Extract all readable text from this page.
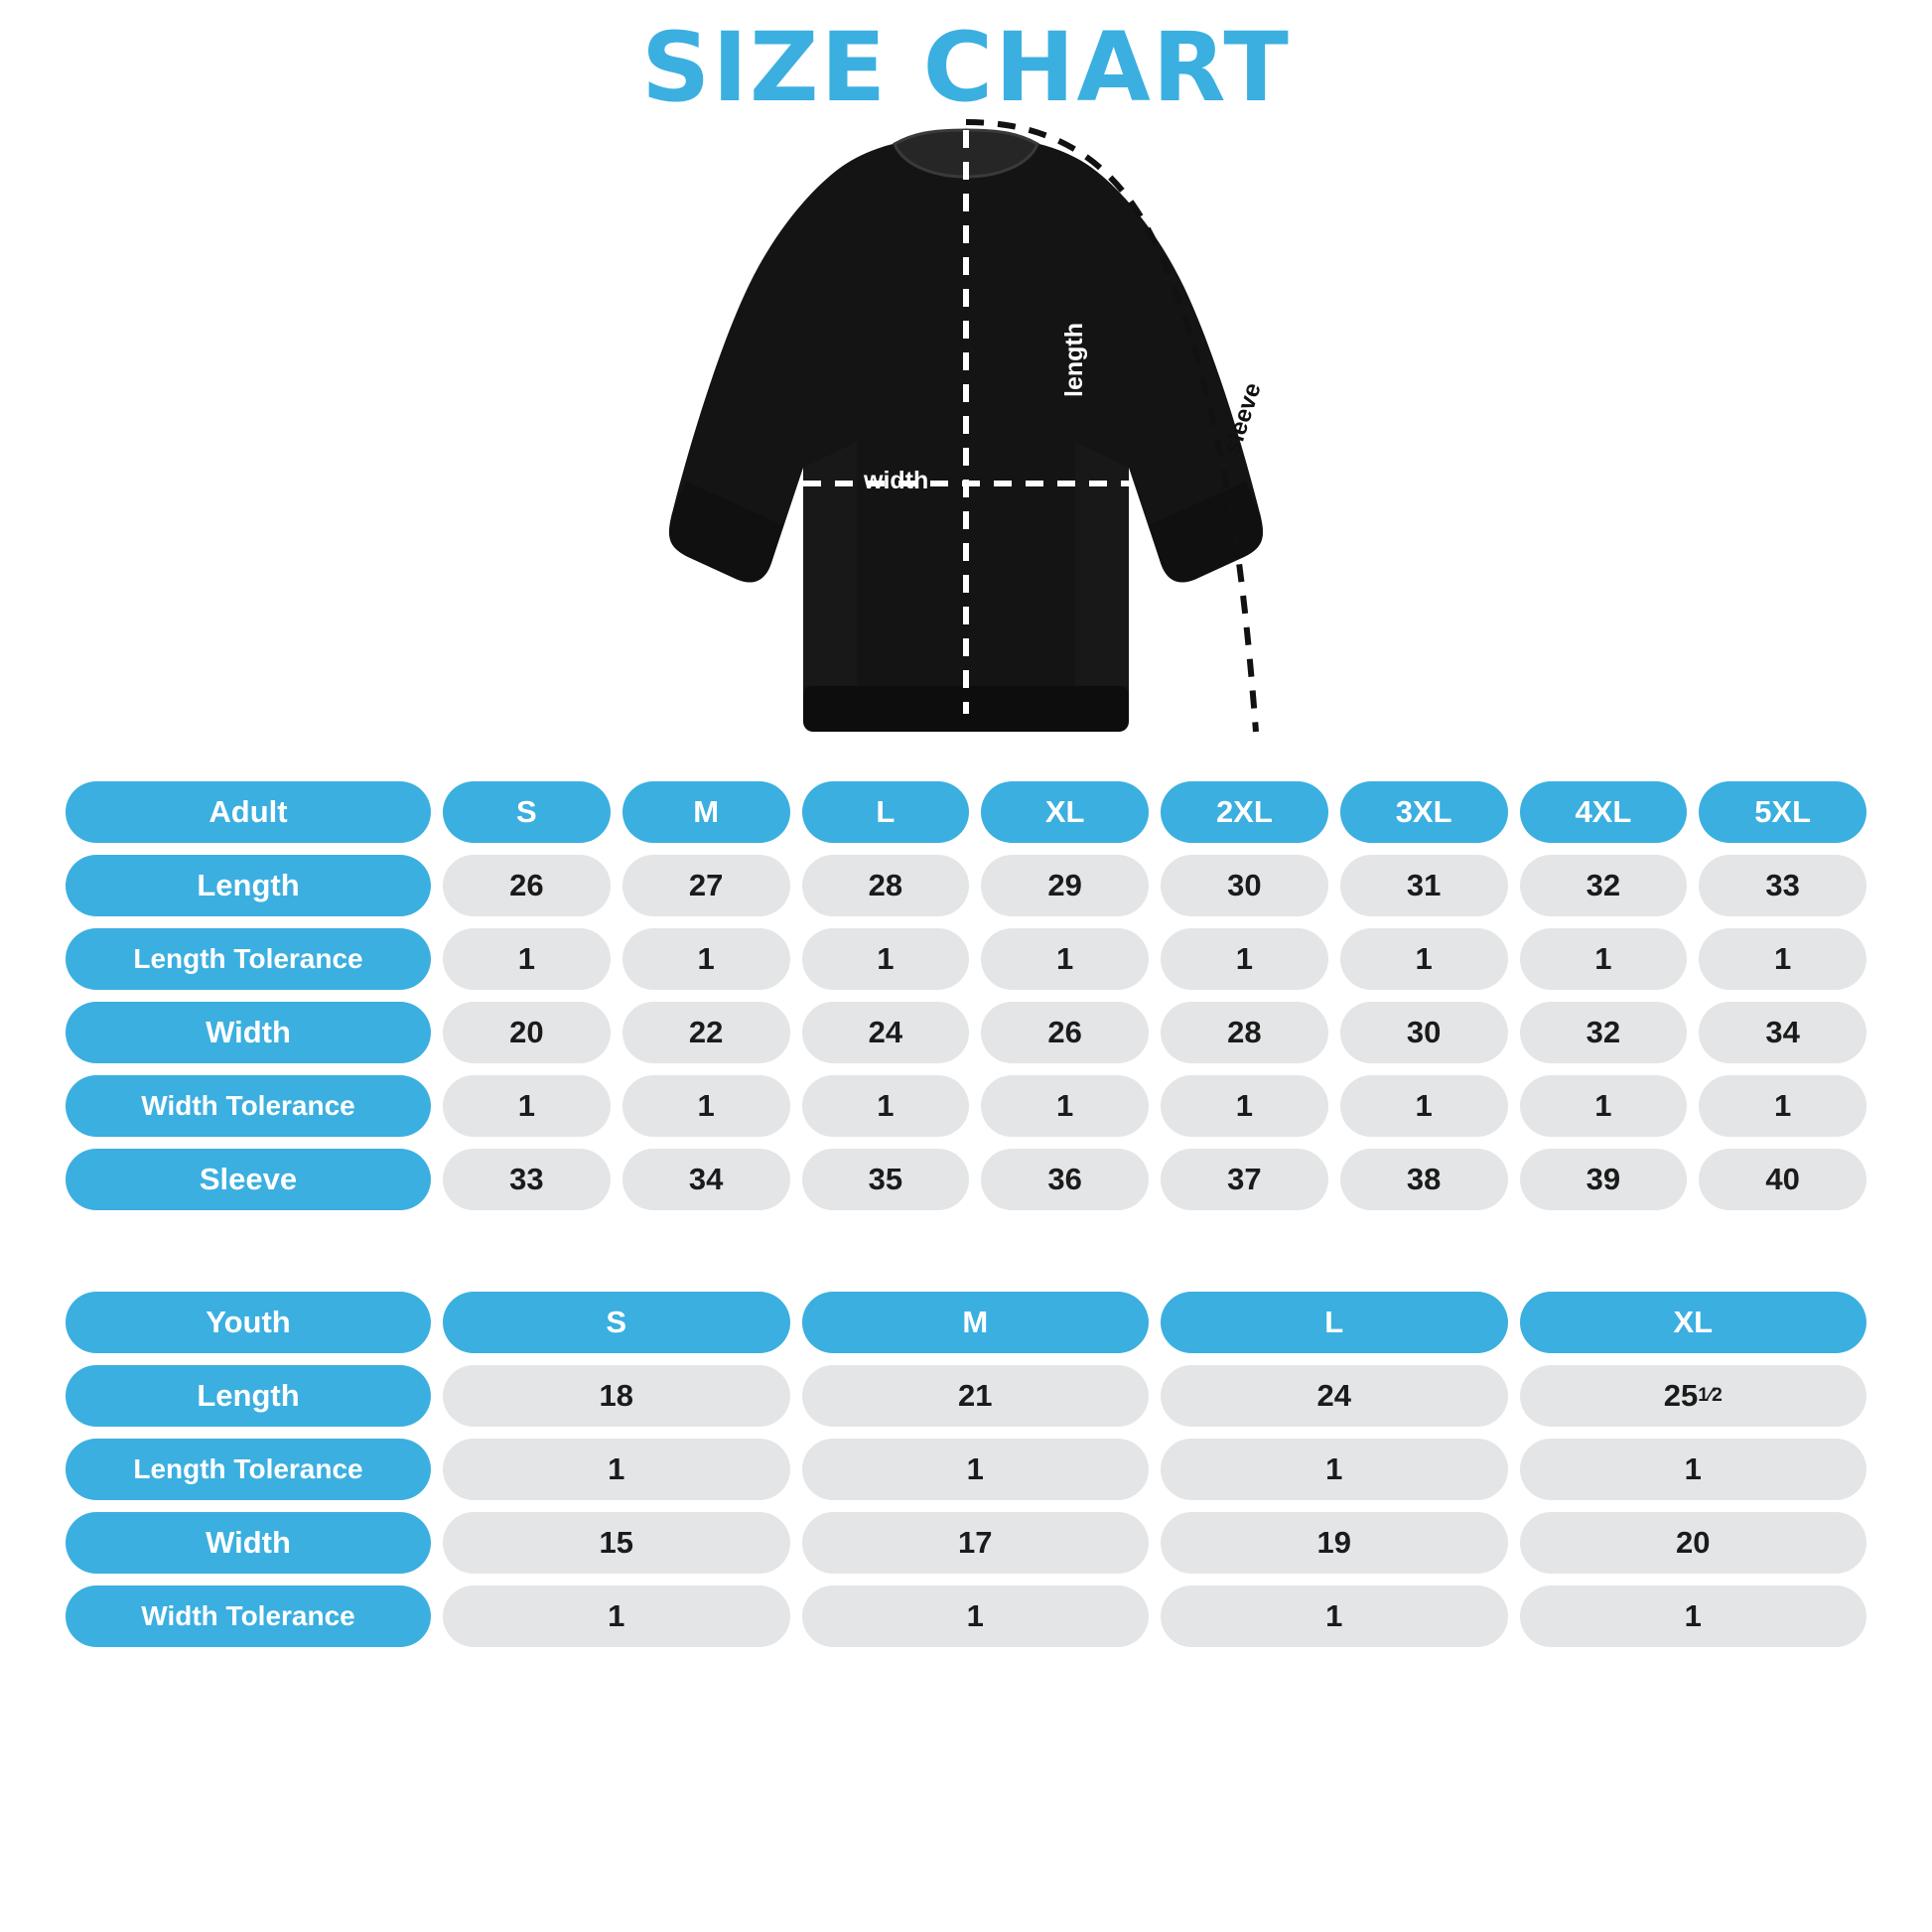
SIZE CHART
width
length
sleeve
Adult	S	M	L	XL	2XL	3XL	4XL	5XL

Length	26	27	28	29	30	31	32	33

Length Tolerance	1	1	1	1	1	1	1	1

Width	20	22	24	26	28	30	32	34

Width Tolerance	1	1	1	1	1	1	1	1

Sleeve	33	34	35	36	37	38	39	40
Youth	S	M	L	XL

Length	18	21	24	25 1⁄2

Length Tolerance	1	1	1	1

Width	15	17	19	20

Width Tolerance	1	1	1	1
